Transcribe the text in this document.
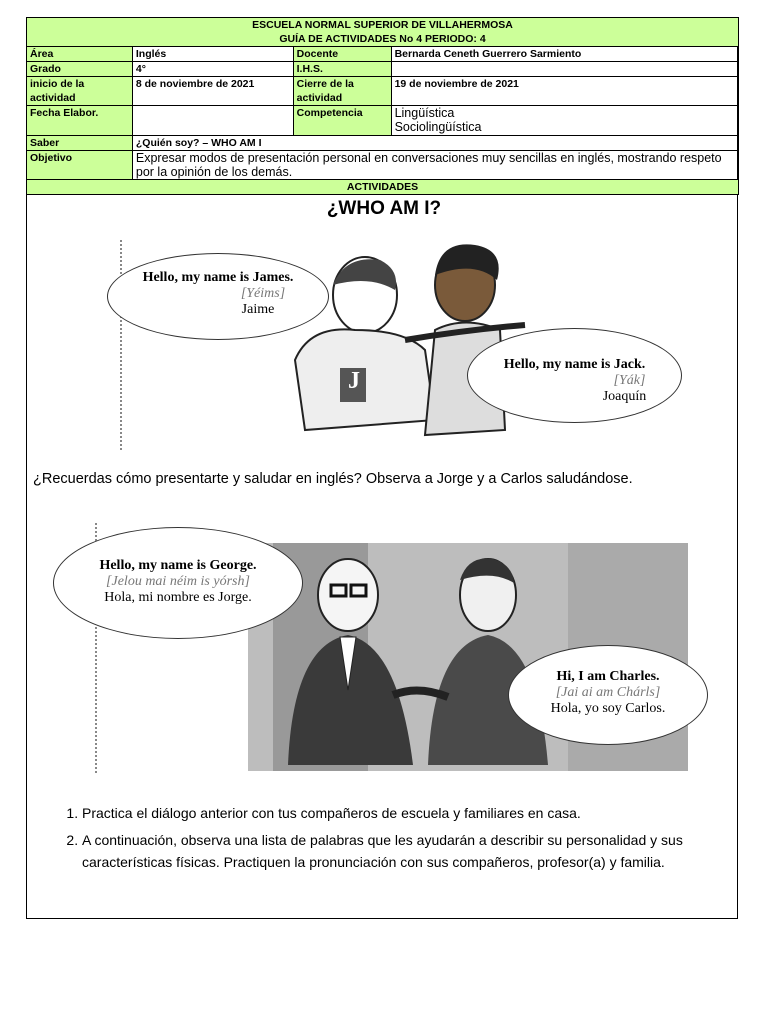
ESCUELA NORMAL SUPERIOR DE VILLAHERMOSA
GUÍA DE ACTIVIDADES No 4 PERIODO: 4			

Área	Inglés	Docente	Bernarda Ceneth Guerrero Sarmiento
Grado	4°	I.H.S.	
inicio de la actividad	8 de noviembre de 2021	Cierre de la actividad	19 de noviembre de 2021
Fecha Elabor.		Competencia	Lingüística
Sociolingüística

Saber	¿Quién soy? – WHO AM I		
Objetivo	Expresar modos de presentación personal en conversaciones muy sencillas en inglés, mostrando respeto por la opinión de los demás.		
ACTIVIDADES			
¿WHO AM I?
J
Hello, my name is James.
[Yéims]
Jaime
Hello, my name is Jack.
[Yák]
Joaquín
¿Recuerdas cómo presentarte y saludar en inglés? Observa a Jorge y a Carlos saludándose.
Hello, my name is George.
[Jelou mai néim is yórsh]
Hola, mi nombre es Jorge.
Hi, I am Charles.
[Jai ai am Chárls]
Hola, yo soy Carlos.
1. Practica el diálogo anterior con tus compañeros de escuela y familiares en casa.
2. A continuación, observa una lista de palabras que les ayudarán a describir su personalidad y sus características físicas. Practiquen la pronunciación con sus compañeros, profesor(a) y familia.
